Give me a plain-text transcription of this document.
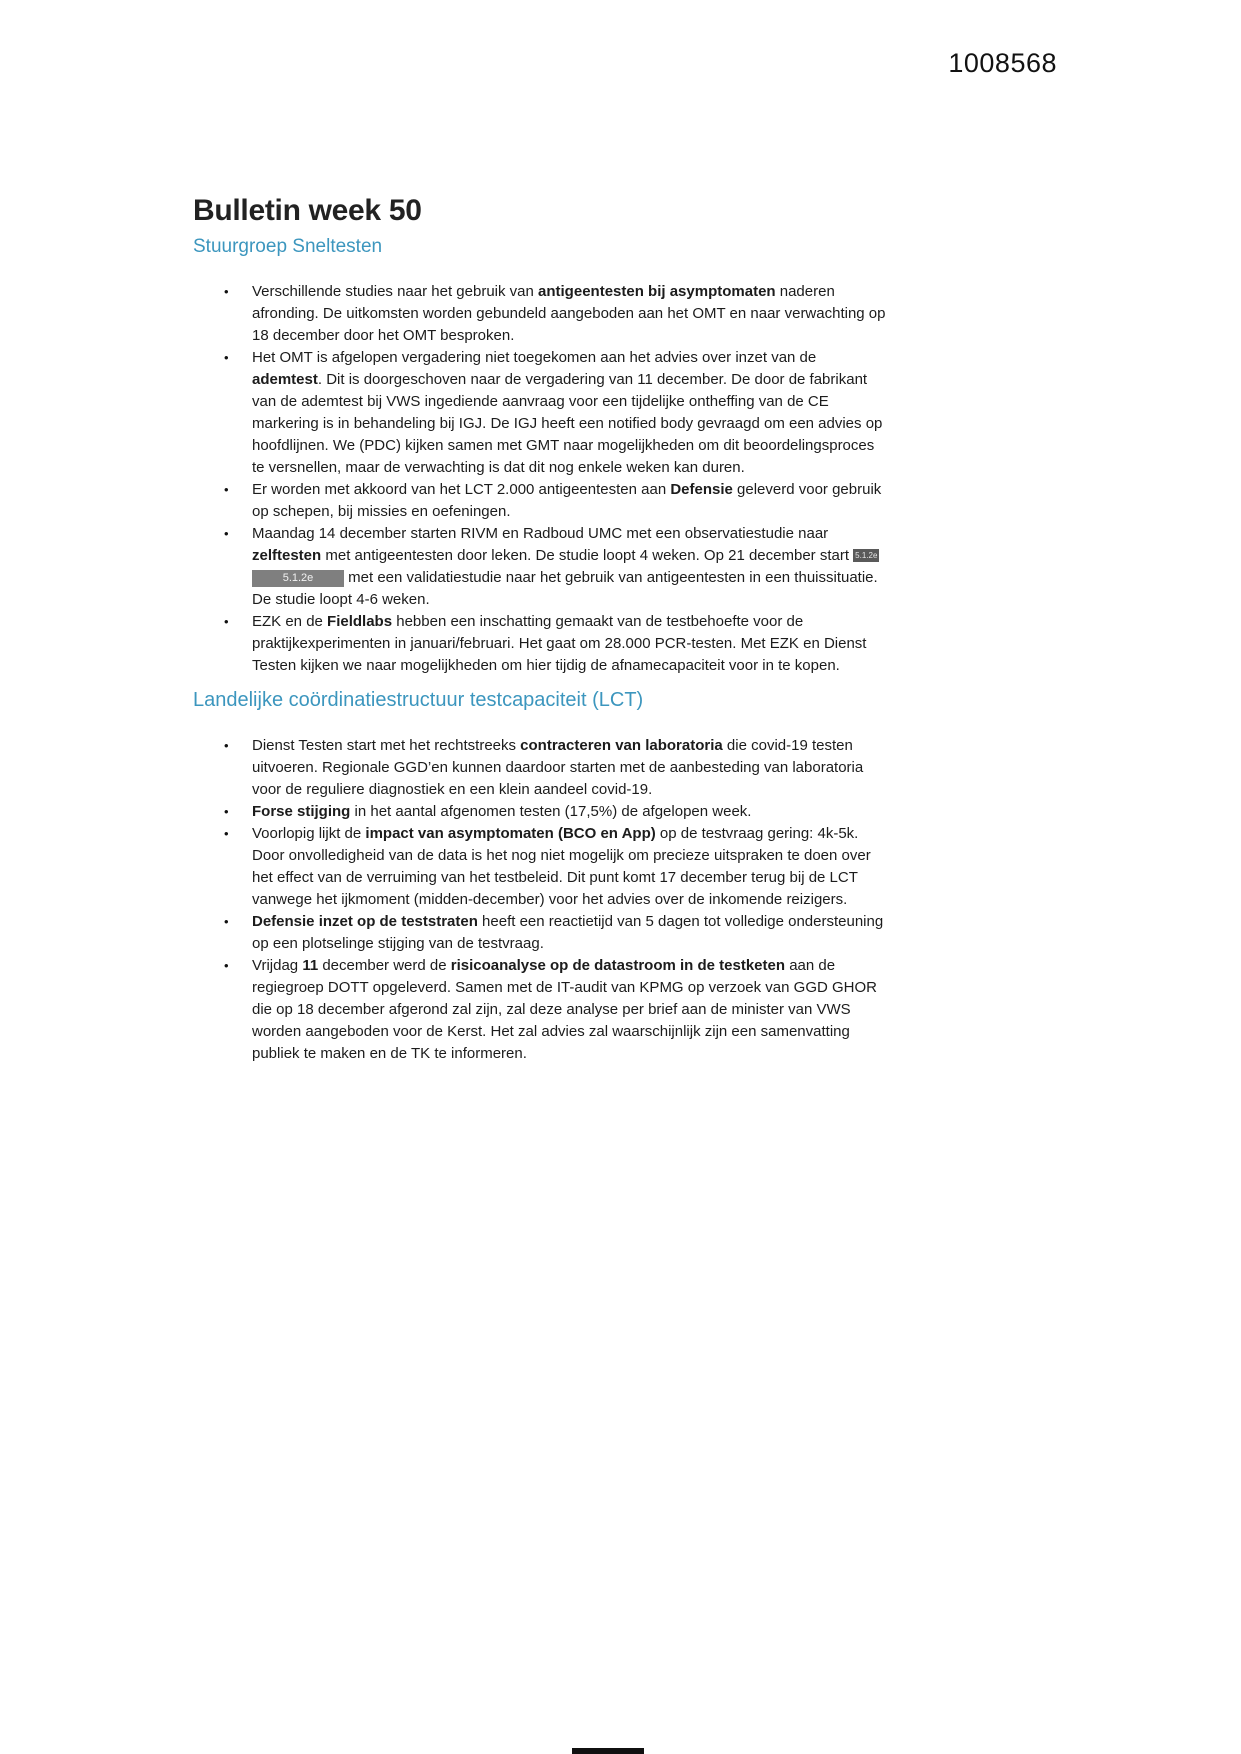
1008568
Bulletin week 50
Stuurgroep Sneltesten
•	Verschillende studies naar het gebruik van antigeentesten bij asymptomaten naderen afronding. De uitkomsten worden gebundeld aangeboden aan het OMT en naar verwachting op 18 december door het OMT besproken.
•	Het OMT is afgelopen vergadering niet toegekomen aan het advies over inzet van de ademtest. Dit is doorgeschoven naar de vergadering van 11 december. De door de fabrikant van de ademtest bij VWS ingediende aanvraag voor een tijdelijke ontheffing van de CE markering is in behandeling bij IGJ. De IGJ heeft een notified body gevraagd om een advies op hoofdlijnen. We (PDC) kijken samen met GMT naar mogelijkheden om dit beoordelingsproces te versnellen, maar de verwachting is dat dit nog enkele weken kan duren.
•	Er worden met akkoord van het LCT 2.000 antigeentesten aan Defensie geleverd voor gebruik op schepen, bij missies en oefeningen.
•	Maandag 14 december starten RIVM en Radboud UMC met een observatiestudie naar zelftesten met antigeentesten door leken. De studie loopt 4 weken. Op 21 december start 5.1.2e 5.1.2e met een validatiestudie naar het gebruik van antigeentesten in een thuissituatie. De studie loopt 4-6 weken.
•	EZK en de Fieldlabs hebben een inschatting gemaakt van de testbehoefte voor de praktijkexperimenten in januari/februari. Het gaat om 28.000 PCR-testen. Met EZK en Dienst Testen kijken we naar mogelijkheden om hier tijdig de afnamecapaciteit voor in te kopen.
Landelijke coördinatiestructuur testcapaciteit (LCT)
•	Dienst Testen start met het rechtstreeks contracteren van laboratoria die covid-19 testen uitvoeren. Regionale GGD’en kunnen daardoor starten met de aanbesteding van laboratoria voor de reguliere diagnostiek en een klein aandeel covid-19.
•	Forse stijging in het aantal afgenomen testen (17,5%) de afgelopen week.
•	Voorlopig lijkt de impact van asymptomaten (BCO en App) op de testvraag gering: 4k-5k. Door onvolledigheid van de data is het nog niet mogelijk om precieze uitspraken te doen over het effect van de verruiming van het testbeleid. Dit punt komt 17 december terug bij de LCT vanwege het ijkmoment (midden-december) voor het advies over de inkomende reizigers.
•	Defensie inzet op de teststraten heeft een reactietijd van 5 dagen tot volledige ondersteuning op een plotselinge stijging van de testvraag.
•	Vrijdag 11 december werd de risicoanalyse op de datastroom in de testketen aan de regiegroep DOTT opgeleverd. Samen met de IT-audit van KPMG op verzoek van GGD GHOR die op 18 december afgerond zal zijn, zal deze analyse per brief aan de minister van VWS worden aangeboden voor de Kerst. Het zal advies zal waarschijnlijk zijn een samenvatting publiek te maken en de TK te informeren.
